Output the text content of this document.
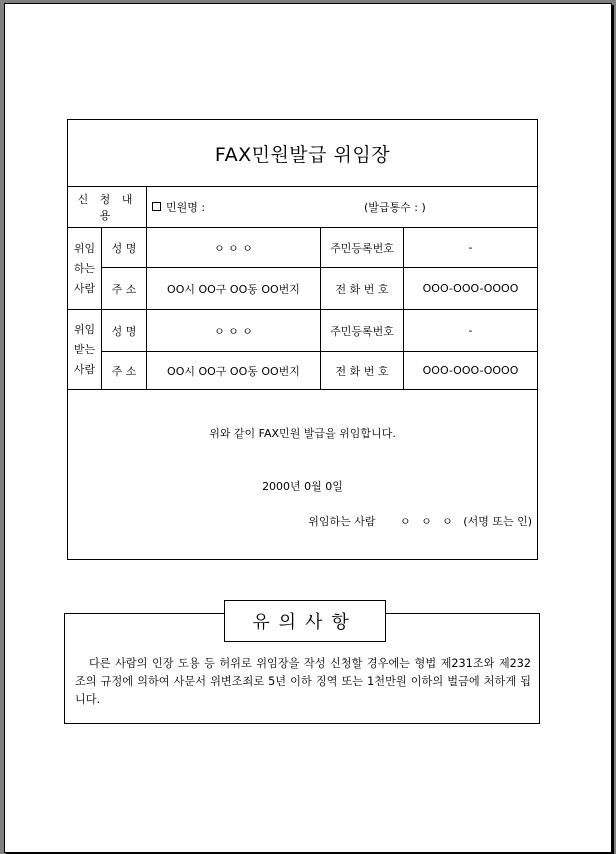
FAX민원발급 위임장
신 청 내 용
민원명 :	(발급통수 : )
위임
하는
사람
성 명	ㅇ ㅇ ㅇ	주민등록번호	-
주 소	OO시 OO구 OO동 OO번지	전 화 번 호	OOO-OOO-OOOO
위임
받는
사람
성 명	ㅇ ㅇ ㅇ	주민등록번호	-
주 소	OO시 OO구 OO동 OO번지	전 화 번 호	OOO-OOO-OOOO
위와 같이 FAX민원 발급을 위임합니다.
2000년 0월 0일
위임하는 사람       ㅇ   ㅇ   ㅇ   (서명 또는 인)
유의사항
다른 사람의 인장 도용 등 허위로 위임장을 작성 신청할 경우에는 형법 제231조와 제232조의 규정에 의하여 사문서 위변조죄로 5년 이하 징역 또는 1천만원 이하의 벌금에 처하게 됩니다.
